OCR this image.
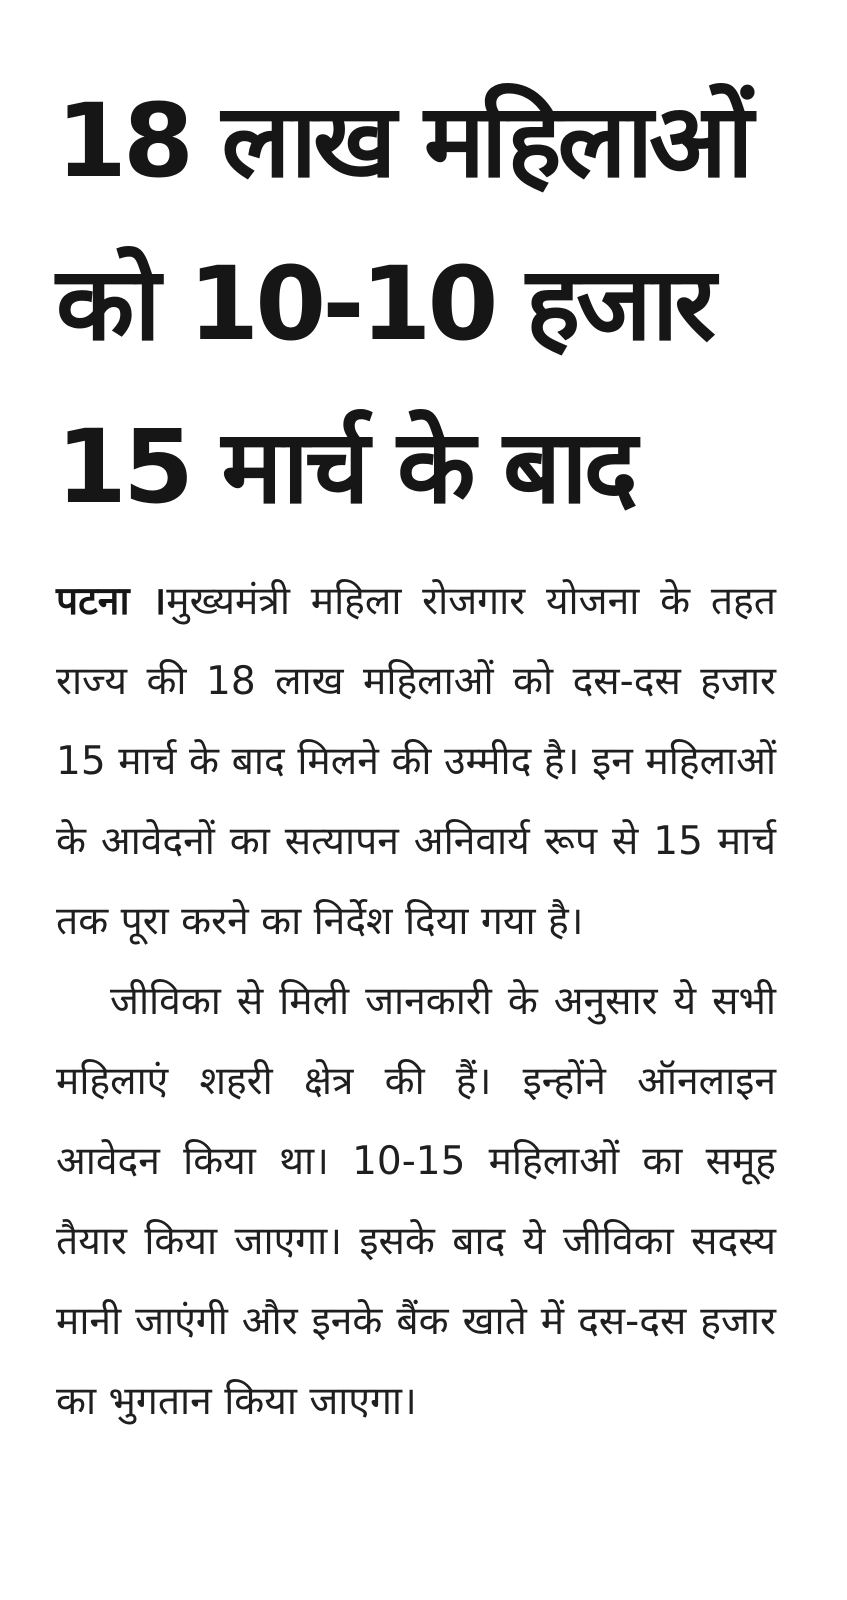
18 लाख महिलाओं
को 10-10 हजार
15 मार्च के बाद

पटना ।मुख्यमंत्री महिला रोजगार योजना के तहत राज्य की 18 लाख महिलाओं को दस-दस हजार 15 मार्च के बाद मिलने की उम्मीद है। इन महिलाओं के आवेदनों का सत्यापन अनिवार्य रूप से 15 मार्च तक पूरा करने का निर्देश दिया गया है।

जीविका से मिली जानकारी के अनुसार ये सभी महिलाएं शहरी क्षेत्र की हैं। इन्होंने ऑनलाइन आवेदन किया था। 10-15 महिलाओं का समूह तैयार किया जाएगा। इसके बाद ये जीविका सदस्य मानी जाएंगी और इनके बैंक खाते में दस-दस हजार का भुगतान किया जाएगा।
